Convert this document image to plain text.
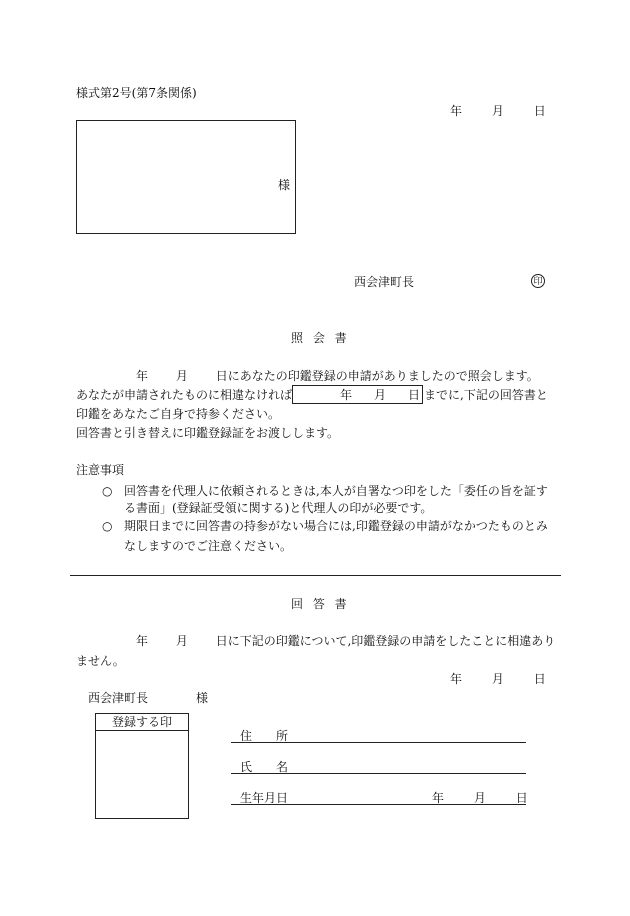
様式第2号(第7条関係)
年 月 日
様
西会津町長	印
照 会 書
年 月 日にあなたの印鑑登録の申請がありましたので照会します。
あなたが申請されたものに相違なければ	年 月 日 までに,下記の回答書と
印鑑をあなたご自身で持参ください。
回答書と引き替えに印鑑登録証をお渡しします。
注意事項
○ 回答書を代理人に依頼されるときは,本人が自署なつ印をした「委任の旨を証す
る書面」(登録証受領に関する)と代理人の印が必要です。
○ 期限日までに回答書の持参がない場合には,印鑑登録の申請がなかつたものとみ
なしますのでご注意ください。
回 答 書
年 月 日に下記の印鑑について,印鑑登録の申請をしたことに相違あり
ません。
年 月 日
西会津町長	様
登録する印
住　　所
氏　　名
生年月日	年 月 日
